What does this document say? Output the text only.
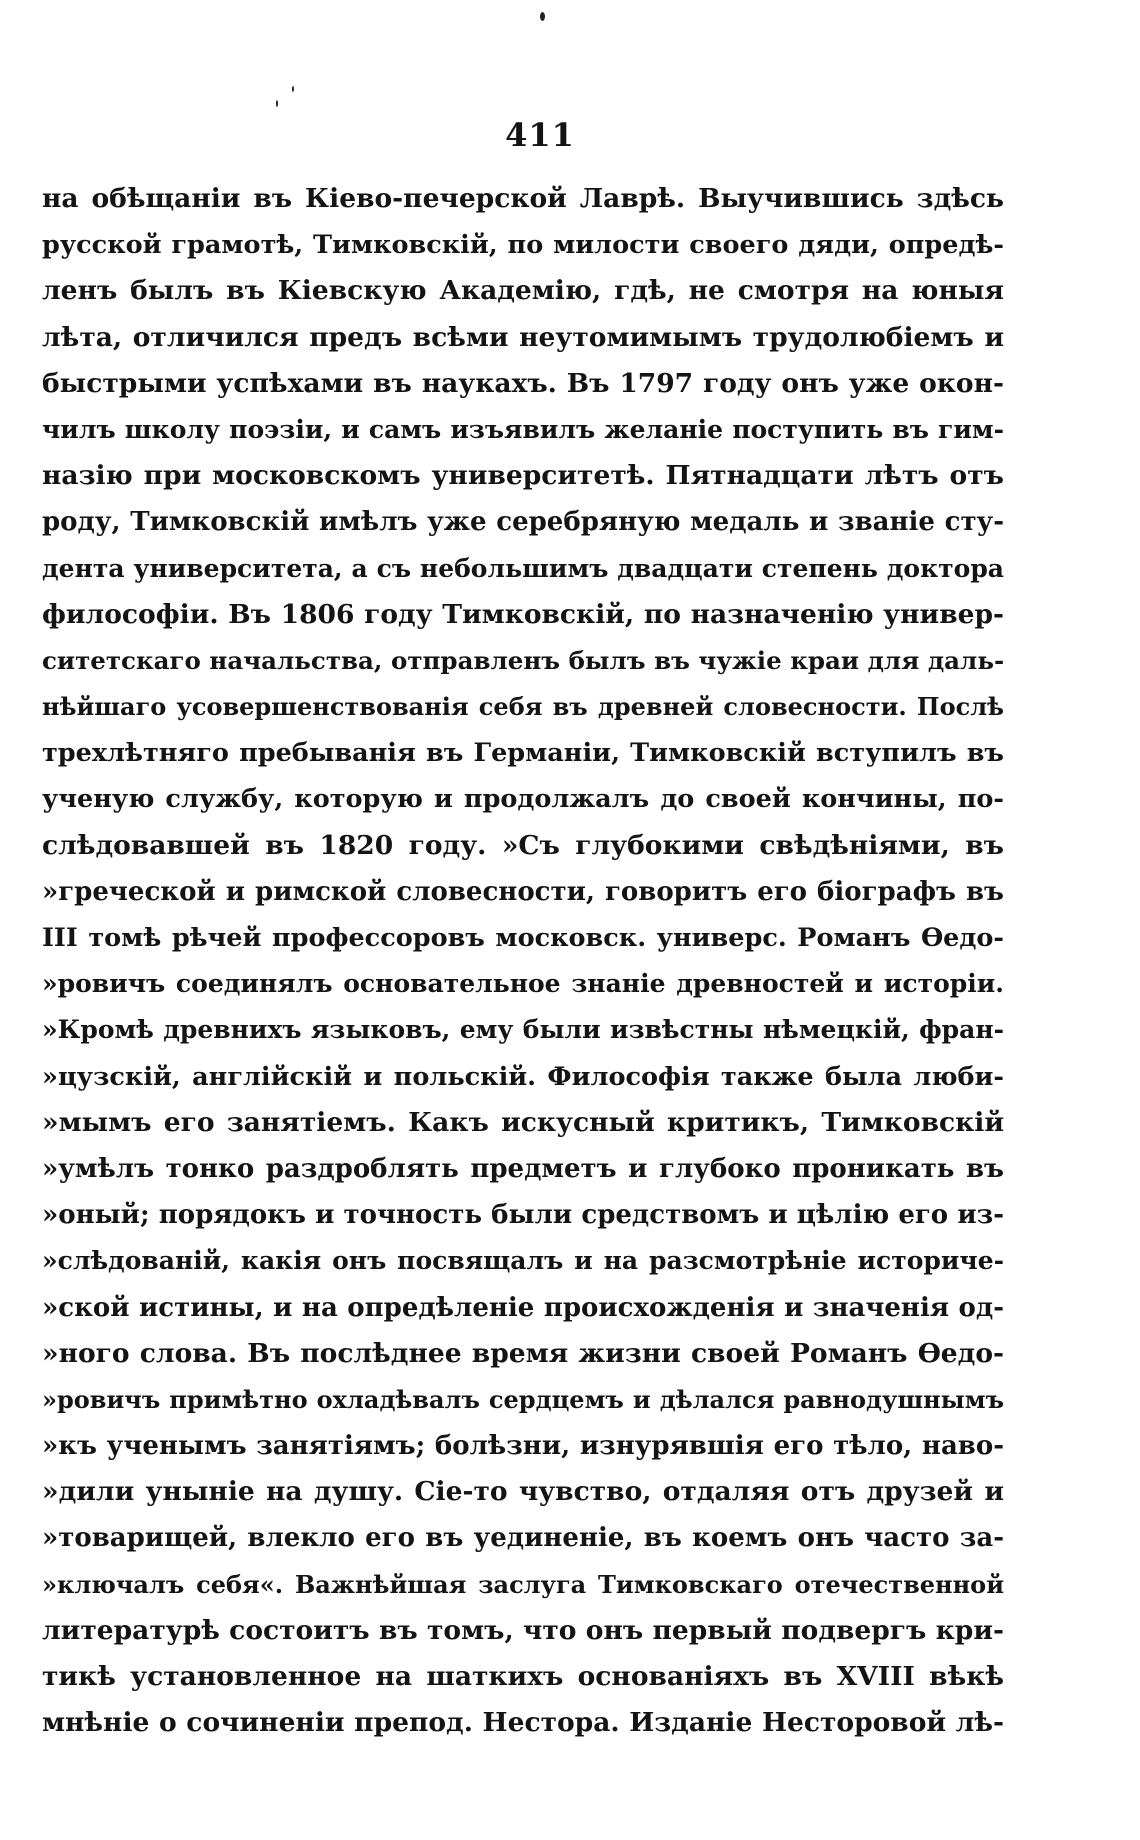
411
на обѣщаніи въ Кіево-печерской Лаврѣ. Выучившись здѣсь
русской грамотѣ, Тимковскій, по милости своего дяди, опредѣ-
ленъ былъ въ Кіевскую Академію, гдѣ, не смотря на юныя
лѣта, отличился предъ всѣми неутомимымъ трудолюбіемъ и
быстрыми успѣхами въ наукахъ. Въ 1797 году онъ уже окон-
чилъ школу поэзіи, и самъ изъявилъ желаніе поступить въ гим-
назію при московскомъ университетѣ. Пятнадцати лѣтъ отъ
роду, Тимковскій имѣлъ уже серебряную медаль и званіе сту-
дента университета, а съ небольшимъ двадцати степень доктора
философіи. Въ 1806 году Тимковскій, по назначенію универ-
ситетскаго начальства, отправленъ былъ въ чужіе краи для даль-
нѣйшаго усовершенствованія себя въ древней словесности. Послѣ
трехлѣтняго пребыванія въ Германіи, Тимковскій вступилъ въ
ученую службу, которую и продолжалъ до своей кончины, по-
слѣдовавшей въ 1820 году. »Съ глубокими свѣдѣніями, въ
»греческой и римской словесности, говоритъ его біографъ въ
III томѣ рѣчей профессоровъ московск. универс. Романъ Ѳедо-
»ровичъ соединялъ основательное знаніе древностей и исторіи.
»Кромѣ древнихъ языковъ, ему были извѣстны нѣмецкій, фран-
»цузскій, англійскій и польскій. Философія также была люби-
»мымъ его занятіемъ. Какъ искусный критикъ, Тимковскій
»умѣлъ тонко раздроблять предметъ и глубоко проникать въ
»оный; порядокъ и точность были средствомъ и цѣлію его из-
»слѣдованій, какія онъ посвящалъ и на разсмотрѣніе историче-
»ской истины, и на опредѣленіе происхожденія и значенія од-
»ного слова. Въ послѣднее время жизни своей Романъ Ѳедо-
»ровичъ примѣтно охладѣвалъ сердцемъ и дѣлался равнодушнымъ
»къ ученымъ занятіямъ; болѣзни, изнурявшія его тѣло, наво-
»дили уныніе на душу. Сіе-то чувство, отдаляя отъ друзей и
»товарищей, влекло его въ уединеніе, въ коемъ онъ часто за-
»ключалъ себя«. Важнѣйшая заслуга Тимковскаго отечественной
литературѣ состоитъ въ томъ, что онъ первый подвергъ кри-
тикѣ установленное на шаткихъ основаніяхъ въ XVIII вѣкѣ
мнѣніе о сочиненіи препод. Нестора. Изданіе Несторовой лѣ-
